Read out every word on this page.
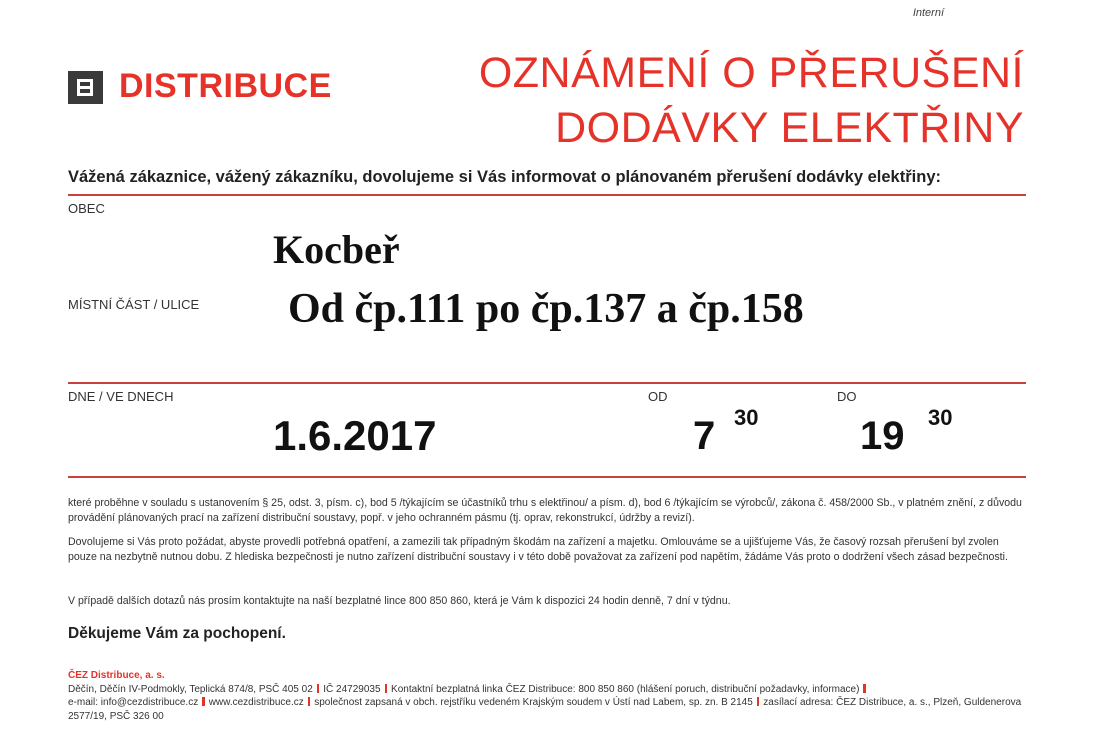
Interní
DISTRIBUCE	OZNÁMENÍ O PŘERUŠENÍ
DODÁVKY ELEKTŘINY
Vážená zákaznice, vážený zákazníku, dovolujeme si Vás informovat o plánovaném přerušení dodávky elektřiny:
OBEC
Kocbeř
MÍSTNÍ ČÁST / ULICE Od čp.111 po čp.137 a čp.158
DNE / VE DNECH	OD	DO
1.6.2017	7 30	19 30

které proběhne v souladu s ustanovením § 25, odst. 3, písm. c), bod 5 /týkajícím se účastníků trhu s elektřinou/ a písm. d), bod 6 /týkajícím se výrobců/, zákona č. 458/2000 Sb., v platném znění, z důvodu provádění plánovaných prací na zařízení distribuční soustavy, popř. v jeho ochranném pásmu (tj. oprav, rekonstrukcí, údržby a revizí).

Dovolujeme si Vás proto požádat, abyste provedli potřebná opatření, a zamezili tak případným škodám na zařízení a majetku. Omlouváme se a ujišťujeme Vás, že časový rozsah přerušení byl zvolen pouze na nezbytně nutnou dobu. Z hlediska bezpečnosti je nutno zařízení distribuční soustavy i v této době považovat za zařízení pod napětím, žádáme Vás proto o dodržení všech zásad bezpečnosti.

V případě dalších dotazů nás prosím kontaktujte na naší bezplatné lince 800 850 860, která je Vám k dispozici 24 hodin denně, 7 dní v týdnu.

Děkujeme Vám za pochopení.
ČEZ Distribuce, a. s.
Děčín, Děčín IV-Podmokly, Teplická 874/8, PSČ 405 02 IČ 24729035 Kontaktní bezplatná linka ČEZ Distribuce: 800 850 860 (hlášení poruch, distribuční požadavky, informace)
e-mail: info@cezdistribuce.cz www.cezdistribuce.cz společnost zapsaná v obch. rejstříku vedeném Krajským soudem v Ústí nad Labem, sp. zn. B 2145 zasílací adresa: ČEZ Distribuce, a. s., Plzeň, Guldenerova 2577/19, PSČ 326 00
